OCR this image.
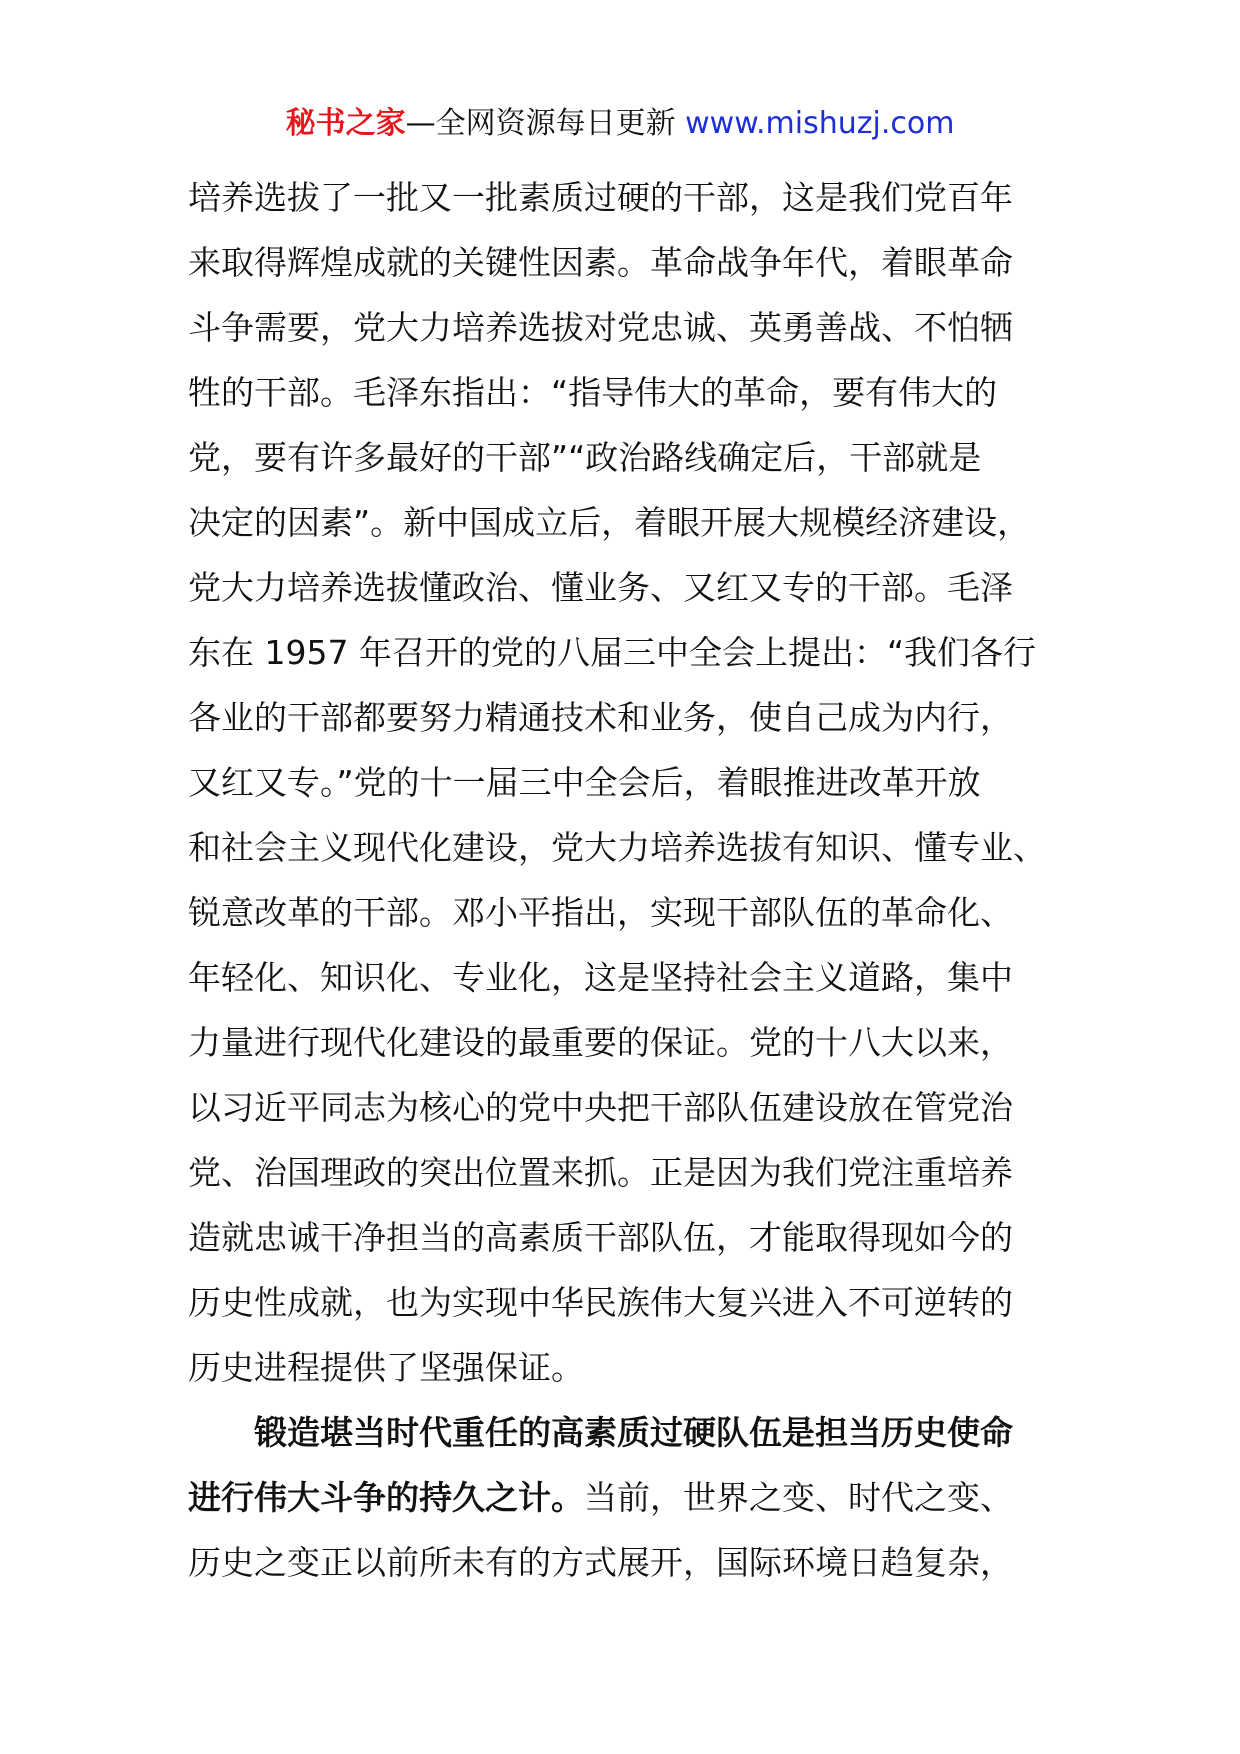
秘书之家—全网资源每日更新 www.mishuzj.com
培养选拔了一批又一批素质过硬的干部，这是我们党百年
来取得辉煌成就的关键性因素。革命战争年代，着眼革命
斗争需要，党大力培养选拔对党忠诚、英勇善战、不怕牺
牲的干部。毛泽东指出：“指导伟大的革命，要有伟大的
党，要有许多最好的干部”“政治路线确定后，干部就是
决定的因素”。新中国成立后，着眼开展大规模经济建设，
党大力培养选拔懂政治、懂业务、又红又专的干部。毛泽
东在 1957 年召开的党的八届三中全会上提出：“我们各行
各业的干部都要努力精通技术和业务，使自己成为内行，
又红又专。”党的十一届三中全会后，着眼推进改革开放
和社会主义现代化建设，党大力培养选拔有知识、懂专业、
锐意改革的干部。邓小平指出，实现干部队伍的革命化、
年轻化、知识化、专业化，这是坚持社会主义道路，集中
力量进行现代化建设的最重要的保证。党的十八大以来，
以习近平同志为核心的党中央把干部队伍建设放在管党治
党、治国理政的突出位置来抓。正是因为我们党注重培养
造就忠诚干净担当的高素质干部队伍，才能取得现如今的
历史性成就，也为实现中华民族伟大复兴进入不可逆转的
历史进程提供了坚强保证。
锻造堪当时代重任的高素质过硬队伍是担当历史使命
进行伟大斗争的持久之计。当前，世界之变、时代之变、
历史之变正以前所未有的方式展开，国际环境日趋复杂，
